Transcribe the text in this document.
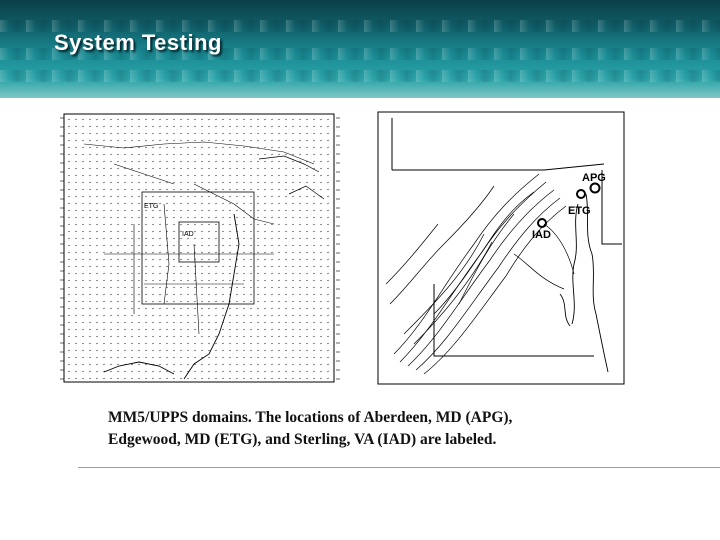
System Testing
ETG
IAD
APG
ETG
IAD
MM5/UPPS domains. The locations of Aberdeen, MD (APG),
Edgewood, MD (ETG), and Sterling, VA (IAD) are labeled.
